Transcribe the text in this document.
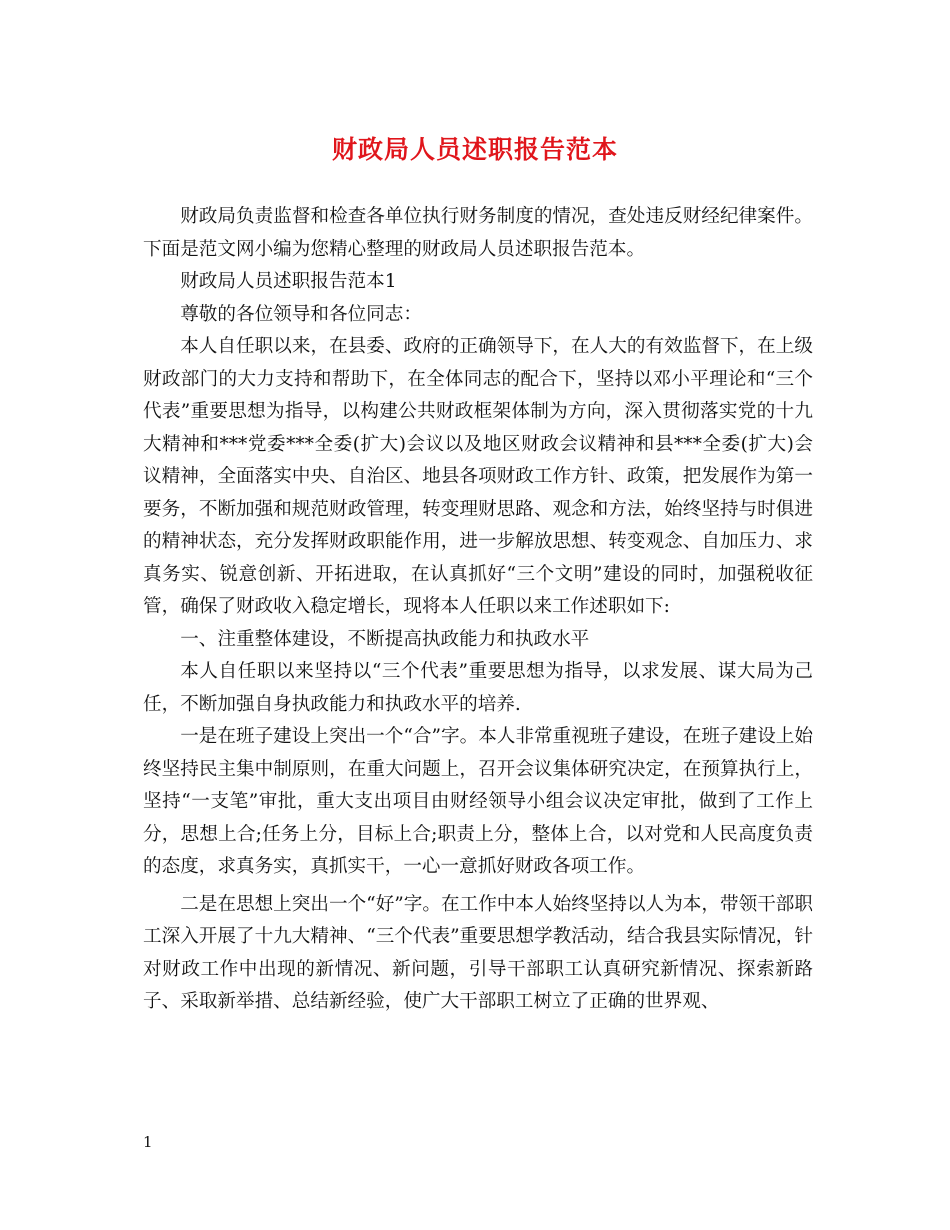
财政局人员述职报告范本

财政局负责监督和检查各单位执行财务制度的情况，查处违反财经纪律案件。下面是范文网小编为您精心整理的财政局人员述职报告范本。

财政局人员述职报告范本1

尊敬的各位领导和各位同志：

本人自任职以来，在县委、政府的正确领导下，在人大的有效监督下，在上级财政部门的大力支持和帮助下，在全体同志的配合下，坚持以邓小平理论和“三个代表”重要思想为指导，以构建公共财政框架体制为方向，深入贯彻落实党的十九大精神和***党委***全委(扩大)会议以及地区财政会议精神和县***全委(扩大)会议精神，全面落实中央、自治区、地县各项财政工作方针、政策，把发展作为第一要务，不断加强和规范财政管理，转变理财思路、观念和方法，始终坚持与时俱进的精神状态，充分发挥财政职能作用，进一步解放思想、转变观念、自加压力、求真务实、锐意创新、开拓进取，在认真抓好“三个文明”建设的同时，加强税收征管，确保了财政收入稳定增长，现将本人任职以来工作述职如下:

一、注重整体建设，不断提高执政能力和执政水平

本人自任职以来坚持以“三个代表”重要思想为指导，以求发展、谋大局为己任，不断加强自身执政能力和执政水平的培养.

一是在班子建设上突出一个“合”字。本人非常重视班子建设，在班子建设上始终坚持民主集中制原则，在重大问题上，召开会议集体研究决定，在预算执行上，坚持“一支笔”审批，重大支出项目由财经领导小组会议决定审批，做到了工作上分，思想上合;任务上分，目标上合;职责上分，整体上合，以对党和人民高度负责的态度，求真务实，真抓实干，一心一意抓好财政各项工作。

二是在思想上突出一个“好”字。在工作中本人始终坚持以人为本，带领干部职工深入开展了十九大精神、“三个代表”重要思想学教活动，结合我县实际情况，针对财政工作中出现的新情况、新问题，引导干部职工认真研究新情况、探索新路子、采取新举措、总结新经验，使广大干部职工树立了正确的世界观、

1
